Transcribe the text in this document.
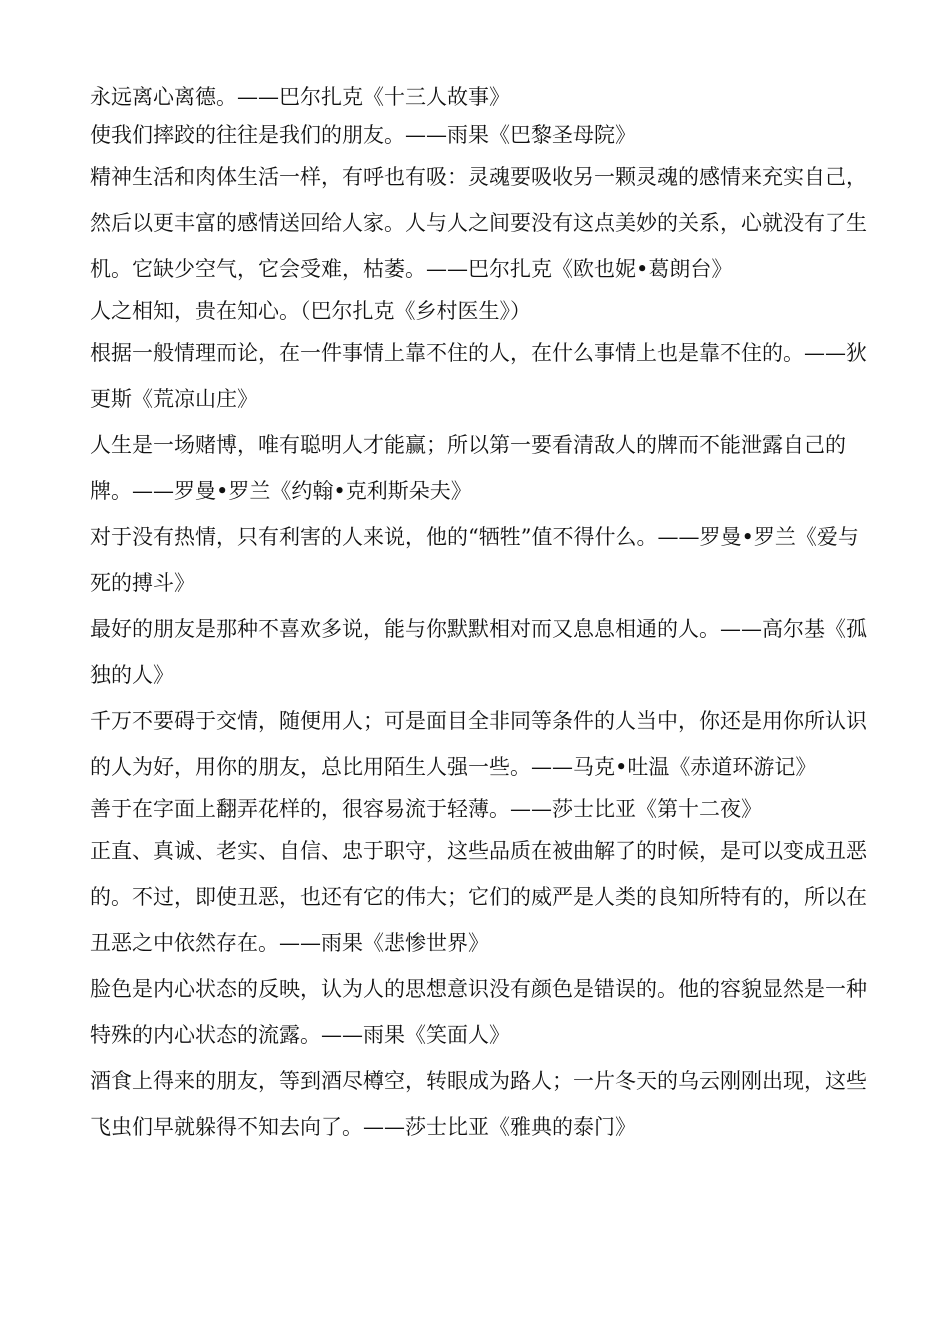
永远离心离德。——巴尔扎克《十三人故事》

使我们摔跤的往往是我们的朋友。——雨果《巴黎圣母院》

精神生活和肉体生活一样，有呼也有吸：灵魂要吸收另一颗灵魂的感情来充实自己，然后以更丰富的感情送回给人家。人与人之间要没有这点美妙的关系，心就没有了生机。它缺少空气，它会受难，枯萎。——巴尔扎克《欧也妮•葛朗台》

人之相知，贵在知心。（巴尔扎克《乡村医生》）

根据一般情理而论，在一件事情上靠不住的人，在什么事情上也是靠不住的。——狄更斯《荒凉山庄》

人生是一场赌博，唯有聪明人才能赢；所以第一要看清敌人的牌而不能泄露自己的牌。——罗曼•罗兰《约翰•克利斯朵夫》

对于没有热情，只有利害的人来说，他的“牺牲”值不得什么。——罗曼•罗兰《爱与死的搏斗》

最好的朋友是那种不喜欢多说，能与你默默相对而又息息相通的人。——高尔基《孤独的人》

千万不要碍于交情，随便用人；可是面目全非同等条件的人当中，你还是用你所认识的人为好，用你的朋友，总比用陌生人强一些。——马克•吐温《赤道环游记》

善于在字面上翻弄花样的，很容易流于轻薄。——莎士比亚《第十二夜》

正直、真诚、老实、自信、忠于职守，这些品质在被曲解了的时候，是可以变成丑恶的。不过，即使丑恶，也还有它的伟大；它们的威严是人类的良知所特有的，所以在丑恶之中依然存在。——雨果《悲惨世界》

脸色是内心状态的反映，认为人的思想意识没有颜色是错误的。他的容貌显然是一种特殊的内心状态的流露。——雨果《笑面人》

酒食上得来的朋友，等到酒尽樽空，转眼成为路人；一片冬天的乌云刚刚出现，这些飞虫们早就躲得不知去向了。——莎士比亚《雅典的泰门》
